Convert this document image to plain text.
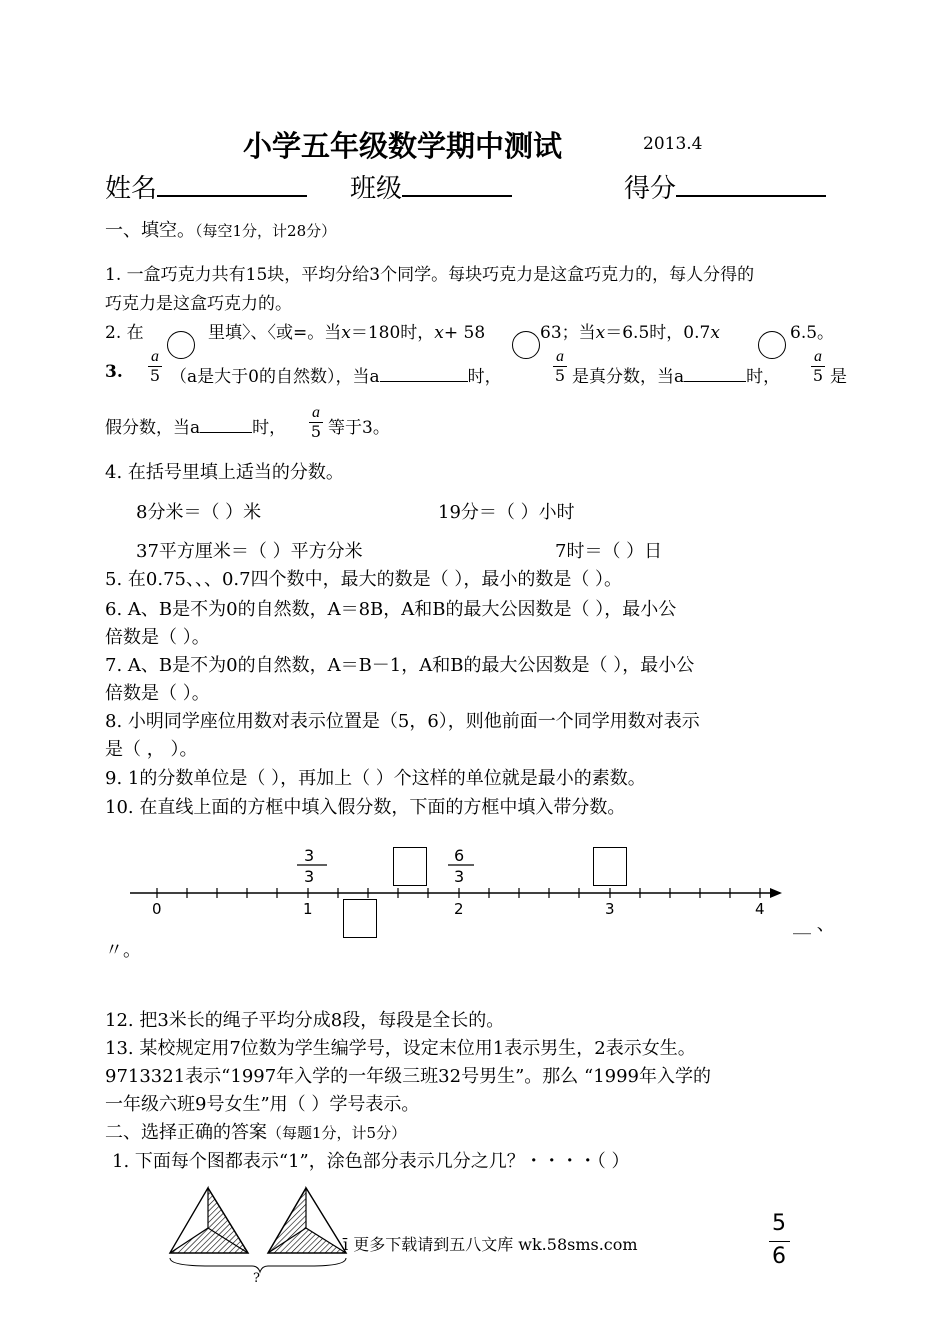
小学五年级数学期中测试	2013.4
姓名	班级	得分
一、填空。（每空1分，计28分）
1. 一盒巧克力共有15块，平均分给3个同学。每块巧克力是这盒巧克力的，每人分得的
巧克力是这盒巧克力的。
2. 在	里填〉、〈或=。当x＝180时，x+ 58	63；当x＝6.5时，0.7x	6.5。
3.
a
5 （a是大于0的自然数），当a	时，
a
5 是真分数，当a	时，
a
5 是
假分数，当a	时，
a
5 等于3。
4. 在括号里填上适当的分数。
8分米＝（ ）米	19分＝（ ）小时
37平方厘米＝（ ）平方分米	7时＝（ ）日
5. 在0.75、、、0.7四个数中，最大的数是（ ），最小的数是（ ）。
6. A、B是不为0的自然数，A＝8B，A和B的最大公因数是（ ），最小公
倍数是（ ）。
7. A、B是不为0的自然数，A＝B－1，A和B的最大公因数是（ ），最小公
倍数是（ ）。
8. 小明同学座位用数对表示位置是（5，6），则他前面一个同学用数对表示
是（ ， ）。
9. 1的分数单位是（ ），再加上（ ）个这样的单位就是最小的素数。
10. 在直线上面的方框中填入假分数，下面的方框中填入带分数。
0	1	2	3	4
3
3
6
3
__ 、
〃。
12. 把3米长的绳子平均分成8段，每段是全长的。
13. 某校规定用7位数为学生编学号，设定末位用1表示男生，2表示女生。
9713321表示“1997年入学的一年级三班32号男生”。那么 “1999年入学的
一年级六班9号女生”用（ ）学号表示。
二、选择正确的答案（每题1分，计5分）
1. 下面每个图都表示“1”，涂色部分表示几分之几？・・・・（ ）
?
ī 更多下载请到五八文库 wk.58sms.com
5
6
